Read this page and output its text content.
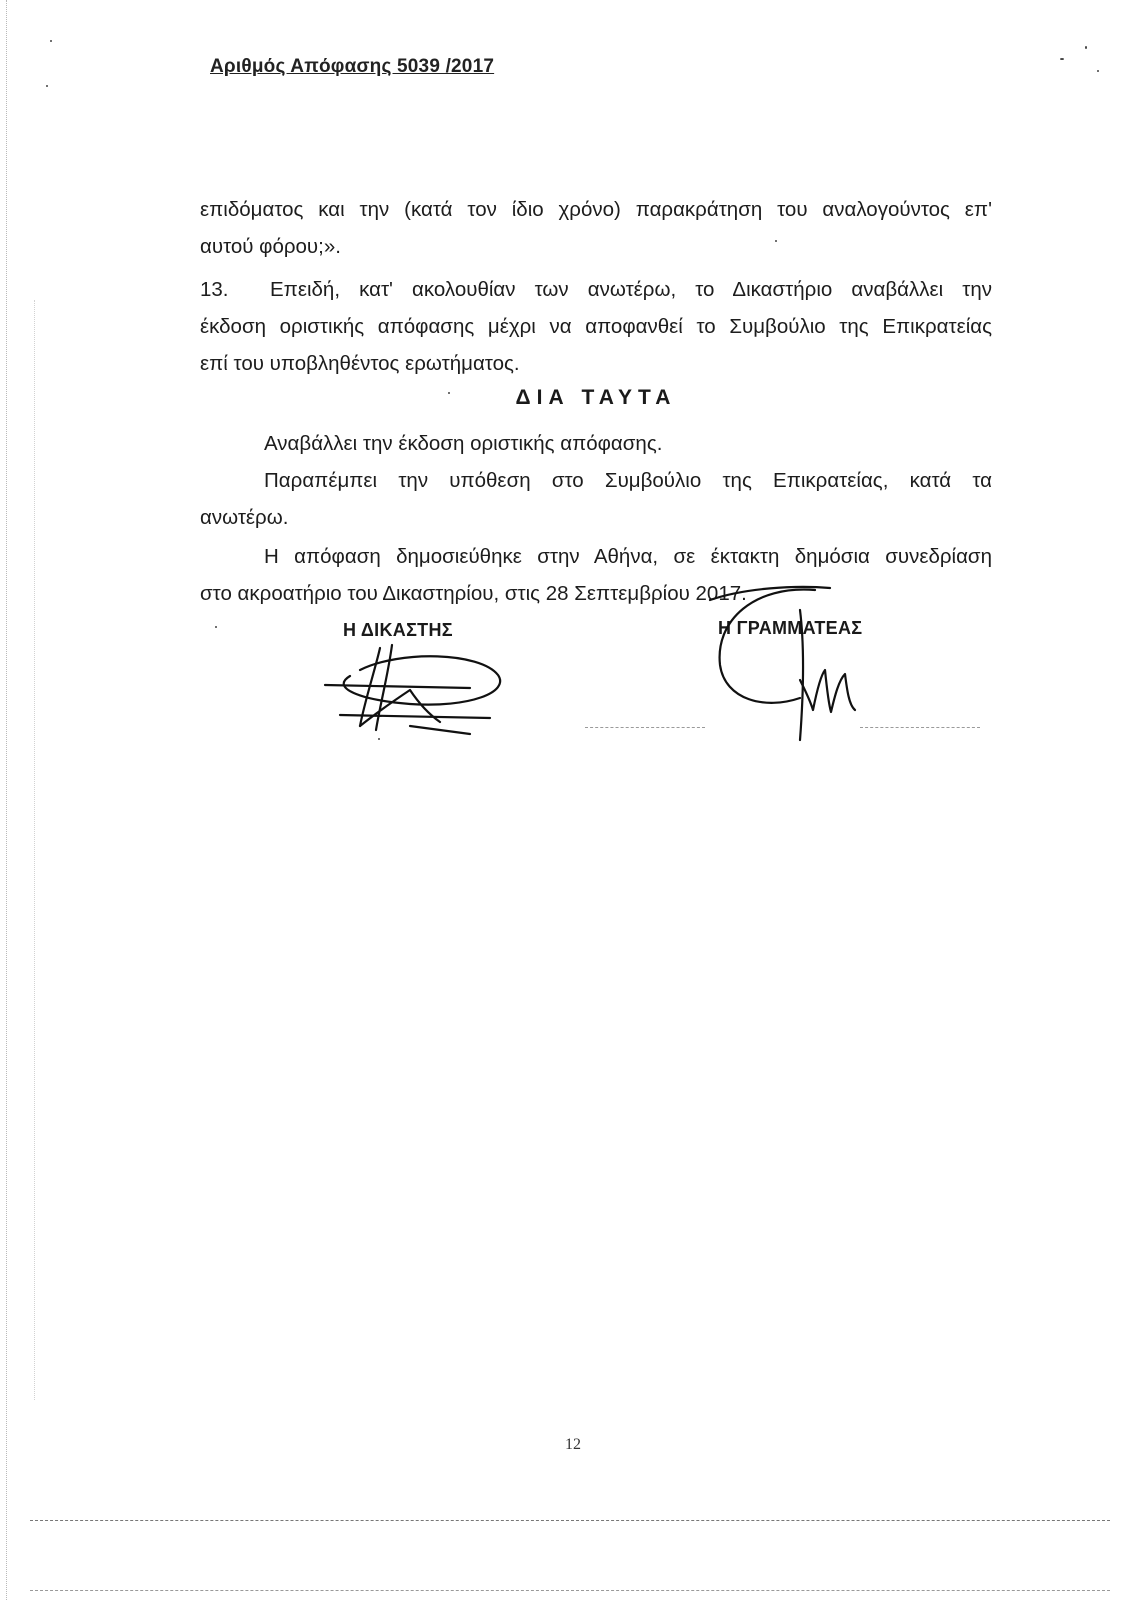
Αριθμός Απόφασης 5039 /2017
επιδόματος και την (κατά τον ίδιο χρόνο) παρακράτηση του αναλογούντος επ'
αυτού φόρου;».
13. Επειδή, κατ' ακολουθίαν των ανωτέρω, το Δικαστήριο αναβάλλει την
έκδοση οριστικής απόφασης μέχρι να αποφανθεί το Συμβούλιο της Επικρατείας
επί του υποβληθέντος ερωτήματος.
ΔΙΑ ΤΑΥΤΑ
Αναβάλλει την έκδοση οριστικής απόφασης.
Παραπέμπει την υπόθεση στο Συμβούλιο της Επικρατείας, κατά τα
ανωτέρω.
Η απόφαση δημοσιεύθηκε στην Αθήνα, σε έκτακτη δημόσια συνεδρίαση
στο ακροατήριο του Δικαστηρίου, στις 28 Σεπτεμβρίου 2017.
Η ΔΙΚΑΣΤΗΣ	Η ΓΡΑΜΜΑΤΕΑΣ
12
